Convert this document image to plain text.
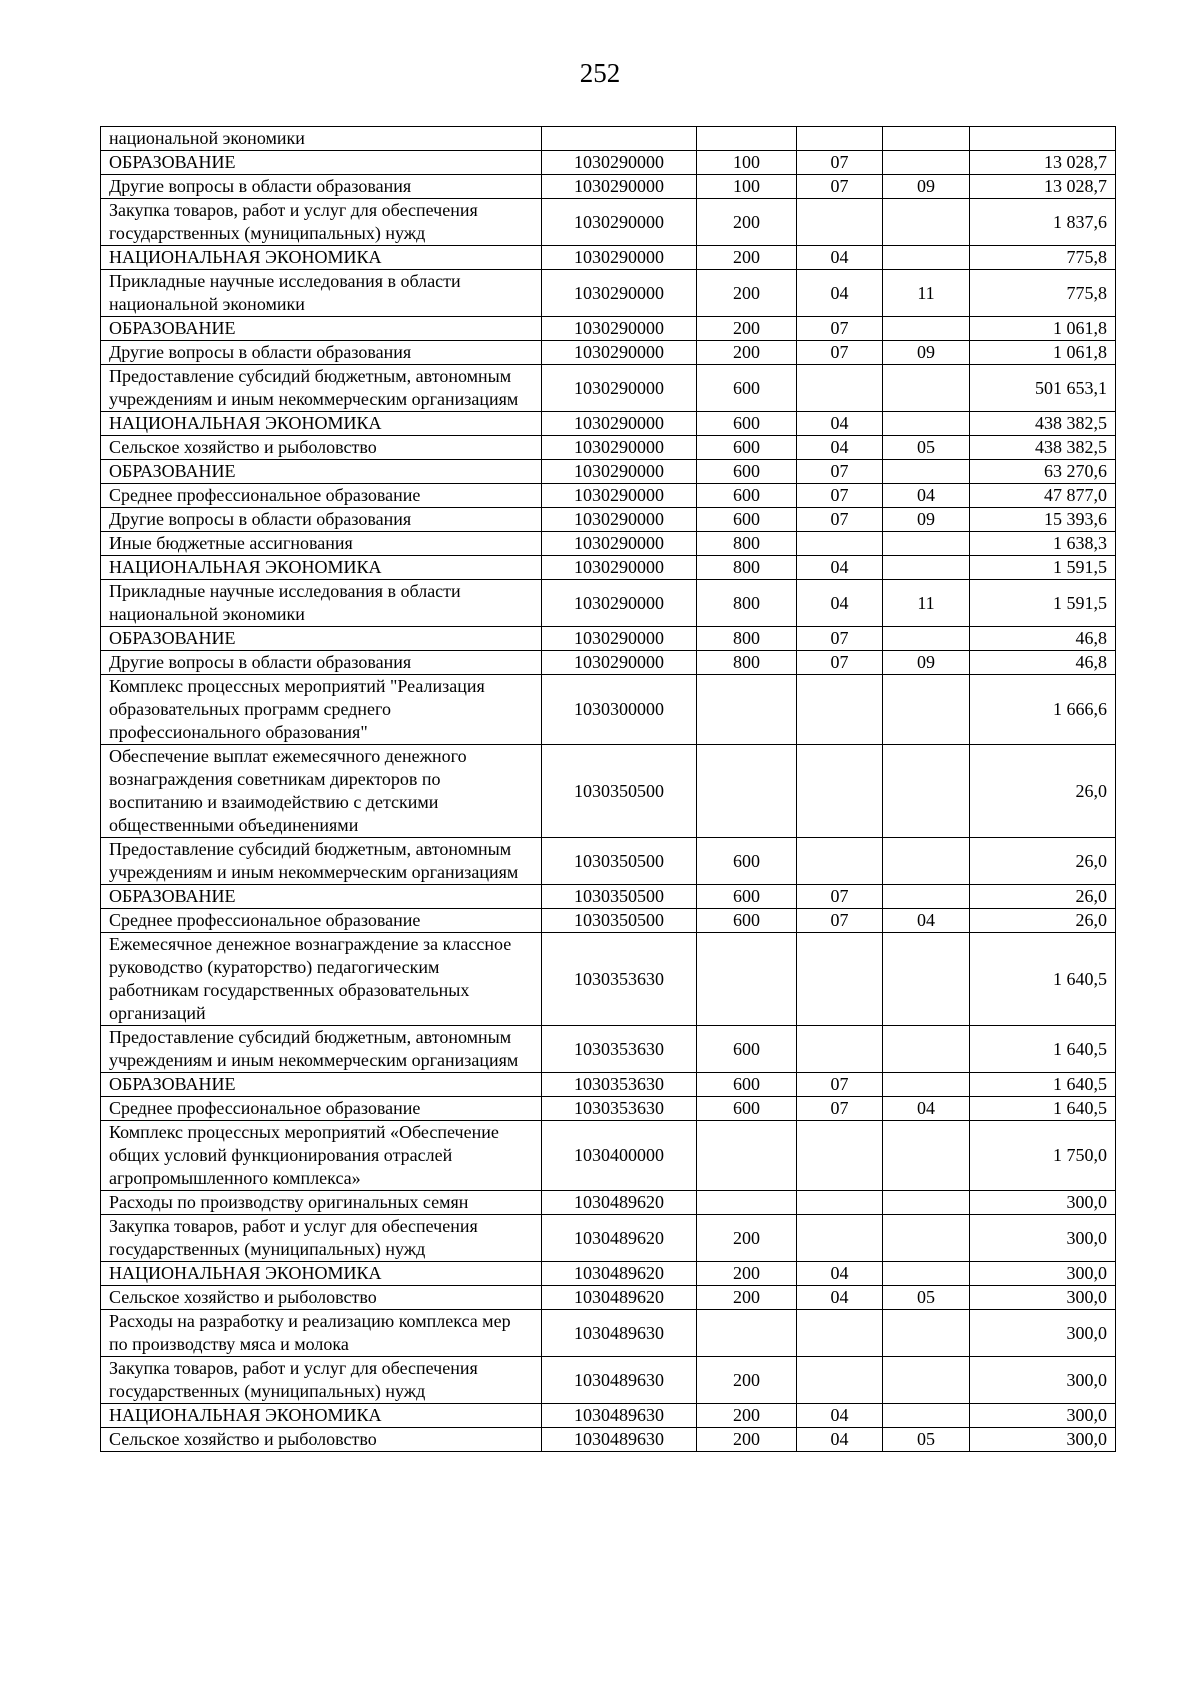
252
национальной экономики					
ОБРАЗОВАНИЕ	1030290000	100	07		13 028,7
Другие вопросы в области образования	1030290000	100	07	09	13 028,7
Закупка товаров, работ и услуг для обеспечения государственных (муниципальных) нужд	1030290000	200			1 837,6
НАЦИОНАЛЬНАЯ ЭКОНОМИКА	1030290000	200	04		775,8
Прикладные научные исследования в области национальной экономики	1030290000	200	04	11	775,8
ОБРАЗОВАНИЕ	1030290000	200	07		1 061,8
Другие вопросы в области образования	1030290000	200	07	09	1 061,8
Предоставление субсидий бюджетным, автономным учреждениям и иным некоммерческим организациям	1030290000	600			501 653,1
НАЦИОНАЛЬНАЯ ЭКОНОМИКА	1030290000	600	04		438 382,5
Сельское хозяйство и рыболовство	1030290000	600	04	05	438 382,5
ОБРАЗОВАНИЕ	1030290000	600	07		63 270,6
Среднее профессиональное образование	1030290000	600	07	04	47 877,0
Другие вопросы в области образования	1030290000	600	07	09	15 393,6
Иные бюджетные ассигнования	1030290000	800			1 638,3
НАЦИОНАЛЬНАЯ ЭКОНОМИКА	1030290000	800	04		1 591,5
Прикладные научные исследования в области национальной экономики	1030290000	800	04	11	1 591,5
ОБРАЗОВАНИЕ	1030290000	800	07		46,8
Другие вопросы в области образования	1030290000	800	07	09	46,8
Комплекс процессных мероприятий "Реализация образовательных программ среднего профессионального образования"	1030300000				1 666,6
Обеспечение выплат ежемесячного денежного вознаграждения советникам директоров по воспитанию и взаимодействию с детскими общественными объединениями	1030350500				26,0
Предоставление субсидий бюджетным, автономным учреждениям и иным некоммерческим организациям	1030350500	600			26,0
ОБРАЗОВАНИЕ	1030350500	600	07		26,0
Среднее профессиональное образование	1030350500	600	07	04	26,0
Ежемесячное денежное вознаграждение за классное руководство (кураторство) педагогическим работникам государственных образовательных организаций	1030353630				1 640,5
Предоставление субсидий бюджетным, автономным учреждениям и иным некоммерческим организациям	1030353630	600			1 640,5
ОБРАЗОВАНИЕ	1030353630	600	07		1 640,5
Среднее профессиональное образование	1030353630	600	07	04	1 640,5
Комплекс процессных мероприятий «Обеспечение общих условий функционирования отраслей агропромышленного комплекса»	1030400000				1 750,0
Расходы по производству оригинальных семян	1030489620				300,0
Закупка товаров, работ и услуг для обеспечения государственных (муниципальных) нужд	1030489620	200			300,0
НАЦИОНАЛЬНАЯ ЭКОНОМИКА	1030489620	200	04		300,0
Сельское хозяйство и рыболовство	1030489620	200	04	05	300,0
Расходы на разработку и реализацию комплекса мер по производству мяса и молока	1030489630				300,0
Закупка товаров, работ и услуг для обеспечения государственных (муниципальных) нужд	1030489630	200			300,0
НАЦИОНАЛЬНАЯ ЭКОНОМИКА	1030489630	200	04		300,0
Сельское хозяйство и рыболовство	1030489630	200	04	05	300,0
